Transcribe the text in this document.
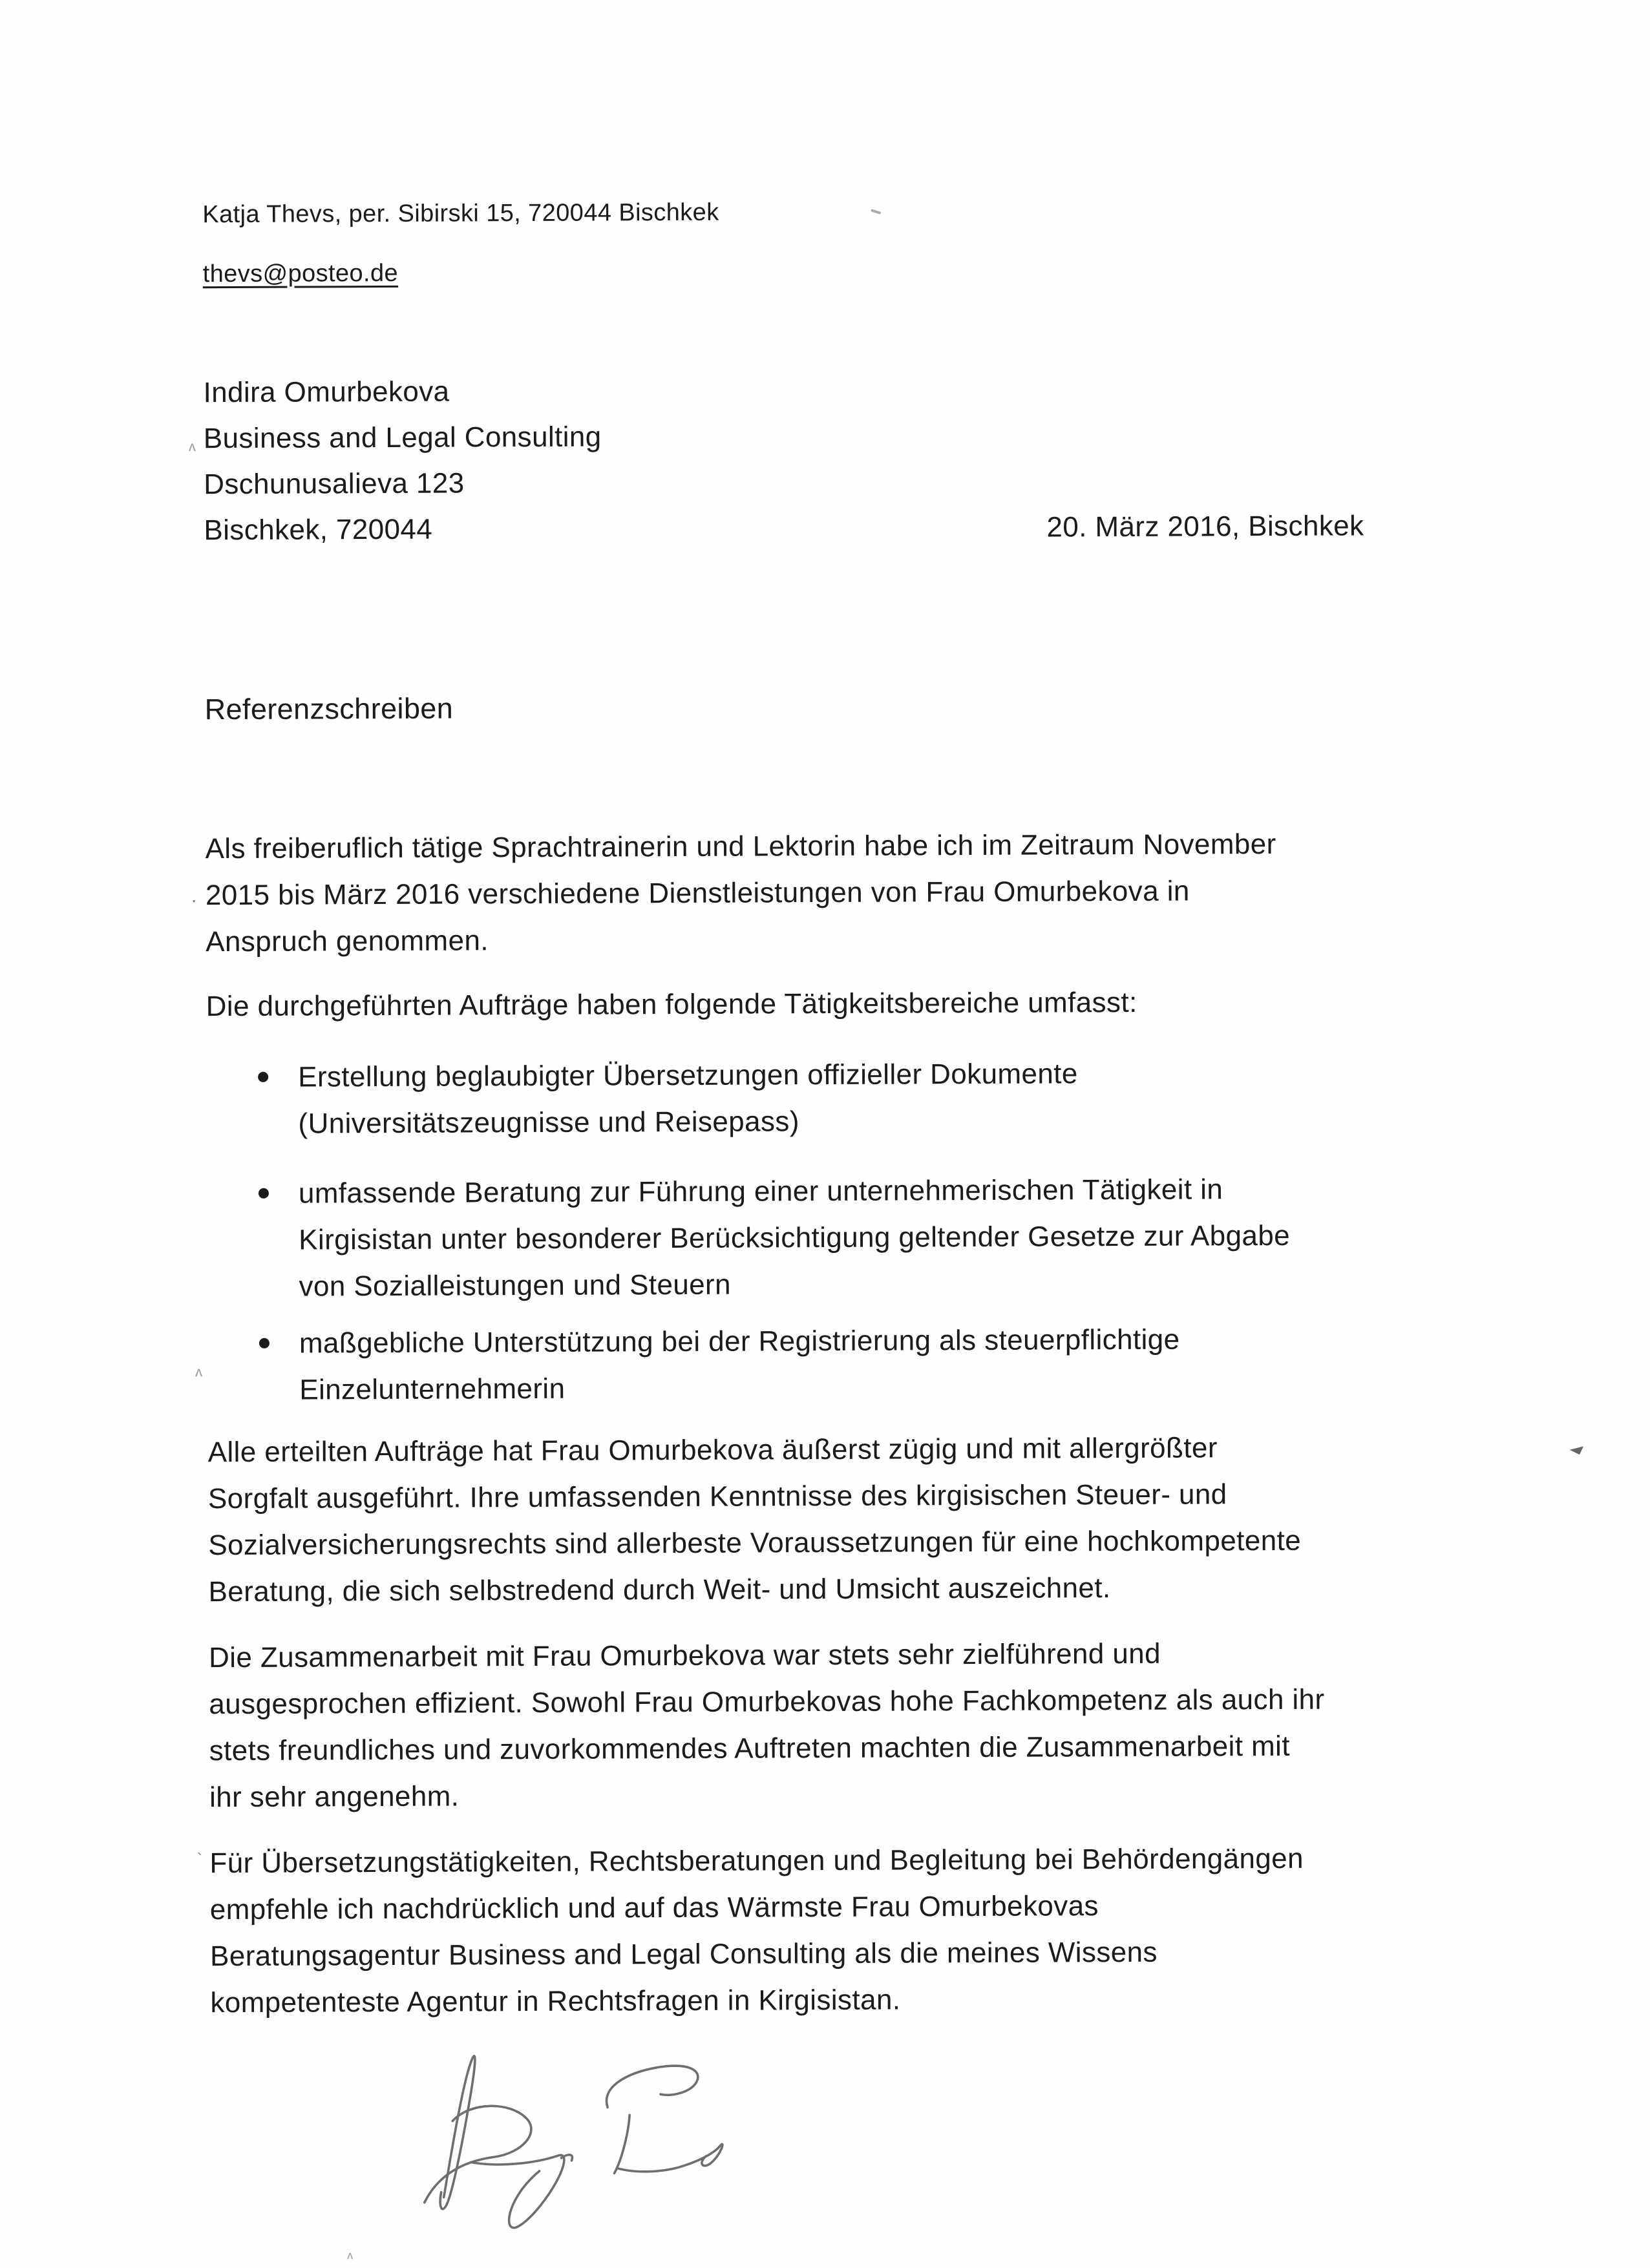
Katja Thevs, per. Sibirski 15, 720044 Bischkek
thevs@posteo.de
Indira Omurbekova
Business and Legal Consulting
Dschunusalieva 123
Bischkek, 720044	20. März 2016, Bischkek
Referenzschreiben
Als freiberuflich tätige Sprachtrainerin und Lektorin habe ich im Zeitraum November
2015 bis März 2016 verschiedene Dienstleistungen von Frau Omurbekova in
Anspruch genommen.
Die durchgeführten Aufträge haben folgende Tätigkeitsbereiche umfasst:
Erstellung beglaubigter Übersetzungen offizieller Dokumente
(Universitätszeugnisse und Reisepass)
umfassende Beratung zur Führung einer unternehmerischen Tätigkeit in
Kirgisistan unter besonderer Berücksichtigung geltender Gesetze zur Abgabe
von Sozialleistungen und Steuern
maßgebliche Unterstützung bei der Registrierung als steuerpflichtige
Einzelunternehmerin
Alle erteilten Aufträge hat Frau Omurbekova äußerst zügig und mit allergrößter
Sorgfalt ausgeführt. Ihre umfassenden Kenntnisse des kirgisischen Steuer- und
Sozialversicherungsrechts sind allerbeste Voraussetzungen für eine hochkompetente
Beratung, die sich selbstredend durch Weit- und Umsicht auszeichnet.
Die Zusammenarbeit mit Frau Omurbekova war stets sehr zielführend und
ausgesprochen effizient. Sowohl Frau Omurbekovas hohe Fachkompetenz als auch ihr
stets freundliches und zuvorkommendes Auftreten machten die Zusammenarbeit mit
ihr sehr angenehm.
Für Übersetzungstätigkeiten, Rechtsberatungen und Begleitung bei Behördengängen
empfehle ich nachdrücklich und auf das Wärmste Frau Omurbekovas
Beratungsagentur Business and Legal Consulting als die meines Wissens
kompetenteste Agentur in Rechtsfragen in Kirgisistan.
ʌ
.
ʌ
`
ʌ
